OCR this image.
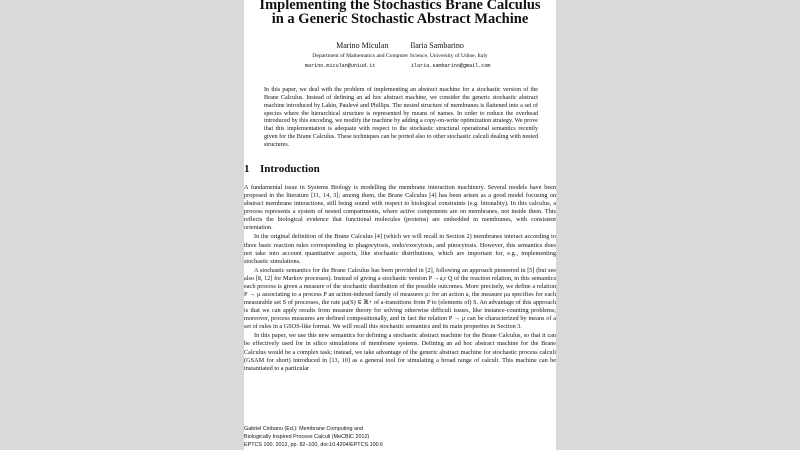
Implementing the Stochastics Brane Calculus
in a Generic Stochastic Abstract Machine
Marino Miculan	Ilaria Sambarino
Department of Mathematics and Computer Science, University of Udine, Italy
marino.miculan@uniud.it	ilaria.sambarino@gmail.com
In this paper, we deal with the problem of implementing an abstract machine for a stochastic version of the Brane Calculus. Instead of defining an ad hoc abstract machine, we consider the generic stochastic abstract machine introduced by Lakin, Paulevé and Phillips. The nested structure of membranes is flattened into a set of species where the hierarchical structure is represented by means of names. In order to reduce the overhead introduced by this encoding, we modify the machine by adding a copy-on-write optimization strategy. We prove that this implementation is adequate with respect to the stochastic structural operational semantics recently given for the Brane Calculus. These techniques can be ported also to other stochastic calculi dealing with nested structures.
1 Introduction

A fundamental issue in Systems Biology is modelling the membrane interaction machinery. Several models have been proposed in the literature [11, 14, 3]; among them, the Brane Calculus [4] has been arisen as a good model focusing on abstract membrane interactions, still being sound with respect to biological constraints (e.g. bitonality). In this calculus, a process represents a system of nested compartments, where active components are on membranes, not inside them. This reflects the biological evidence that functional molecules (proteins) are embedded in membranes, with consistent orientation.

In the original definition of the Brane Calculus [4] (which we will recall in Section 2) membranes interact according to three basic reaction rules corresponding to phagocytosis, endo/exocytosis, and pinocytosis. However, this semantics does not take into account quantitative aspects, like stochastic distributions, which are important for, e.g., implementing stochastic simulations.

A stochastic semantics for the Brane Calculus has been provided in [2], following an approach pioneered in [5] (but see also [8, 12] for Markov processes). Instead of giving a stochastic version P →a,r Q of the reaction relation, in this semantics each process is given a measure of the stochastic distribution of the possible outcomes. More precisely, we define a relation P → μ associating to a process P an action-indexed family of measures μ: for an action a, the measure μa specifies for each measurable set S of processes, the rate μa(S) ∈ ℝ+ of a-transitions from P to (elements of) S. An advantage of this approach is that we can apply results from measure theory for solving otherwise difficult issues, like instance-counting problems; moreover, process measures are defined compositionally, and in fact the relation P → μ can be characterized by means of a set of rules in a GSOS-like format. We will recall this stochastic semantics and its main properties in Section 3.

In this paper, we use this new semantics for defining a stochastic abstract machine for the Brane Calculus, so that it can be effectively used for in silico simulations of membrane systems. Defining an ad hoc abstract machine for the Brane Calculus would be a complex task; instead, we take advantage of the generic abstract machine for stochastic process calculi (GSAM for short) introduced in [13, 10] as a general tool for simulating a broad range of calculi. This machine can be instantiated to a particular

Gabriel Ciobanu (Ed.): Membrane Computing and
Biologically Inspired Process Calculi (MeCBIC 2012)
EPTCS 100, 2012, pp. 82–100, doi:10.4204/EPTCS.100.6
